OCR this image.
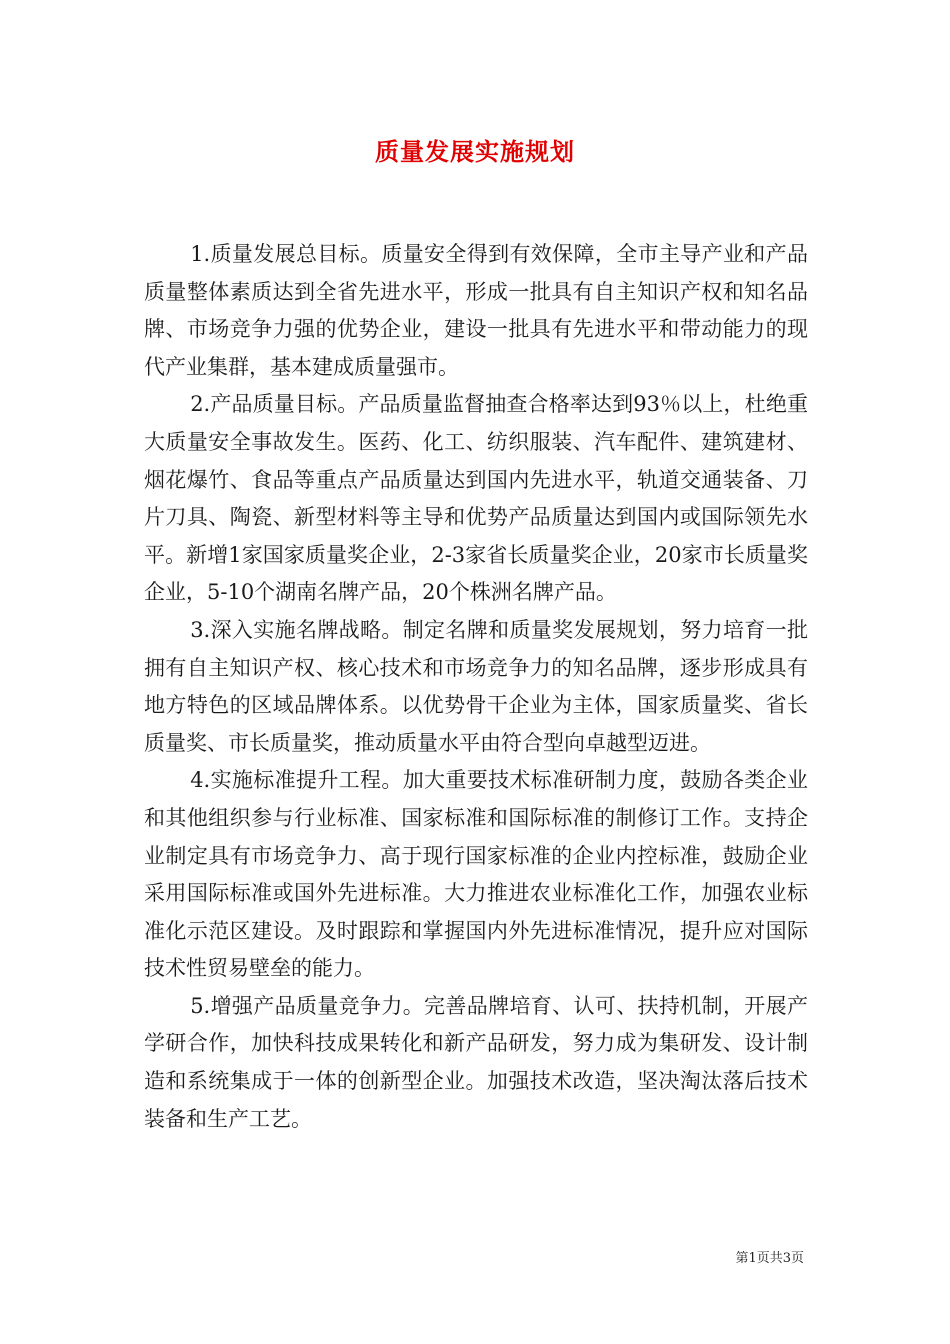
质量发展实施规划

1.质量发展总目标。质量安全得到有效保障，全市主导产业和产品质量整体素质达到全省先进水平，形成一批具有自主知识产权和知名品牌、市场竞争力强的优势企业，建设一批具有先进水平和带动能力的现代产业集群，基本建成质量强市。

2.产品质量目标。产品质量监督抽查合格率达到93％以上，杜绝重大质量安全事故发生。医药、化工、纺织服装、汽车配件、建筑建材、烟花爆竹、食品等重点产品质量达到国内先进水平，轨道交通装备、刀片刀具、陶瓷、新型材料等主导和优势产品质量达到国内或国际领先水平。新增1家国家质量奖企业，2-3家省长质量奖企业，20家市长质量奖企业，5-10个湖南名牌产品，20个株洲名牌产品。

3.深入实施名牌战略。制定名牌和质量奖发展规划，努力培育一批拥有自主知识产权、核心技术和市场竞争力的知名品牌，逐步形成具有地方特色的区域品牌体系。以优势骨干企业为主体，国家质量奖、省长质量奖、市长质量奖，推动质量水平由符合型向卓越型迈进。

4.实施标准提升工程。加大重要技术标准研制力度，鼓励各类企业和其他组织参与行业标准、国家标准和国际标准的制修订工作。支持企业制定具有市场竞争力、高于现行国家标准的企业内控标准，鼓励企业采用国际标准或国外先进标准。大力推进农业标准化工作，加强农业标准化示范区建设。及时跟踪和掌握国内外先进标准情况，提升应对国际技术性贸易壁垒的能力。

5.增强产品质量竞争力。完善品牌培育、认可、扶持机制，开展产学研合作，加快科技成果转化和新产品研发，努力成为集研发、设计制造和系统集成于一体的创新型企业。加强技术改造，坚决淘汰落后技术装备和生产工艺。

第1页共3页
